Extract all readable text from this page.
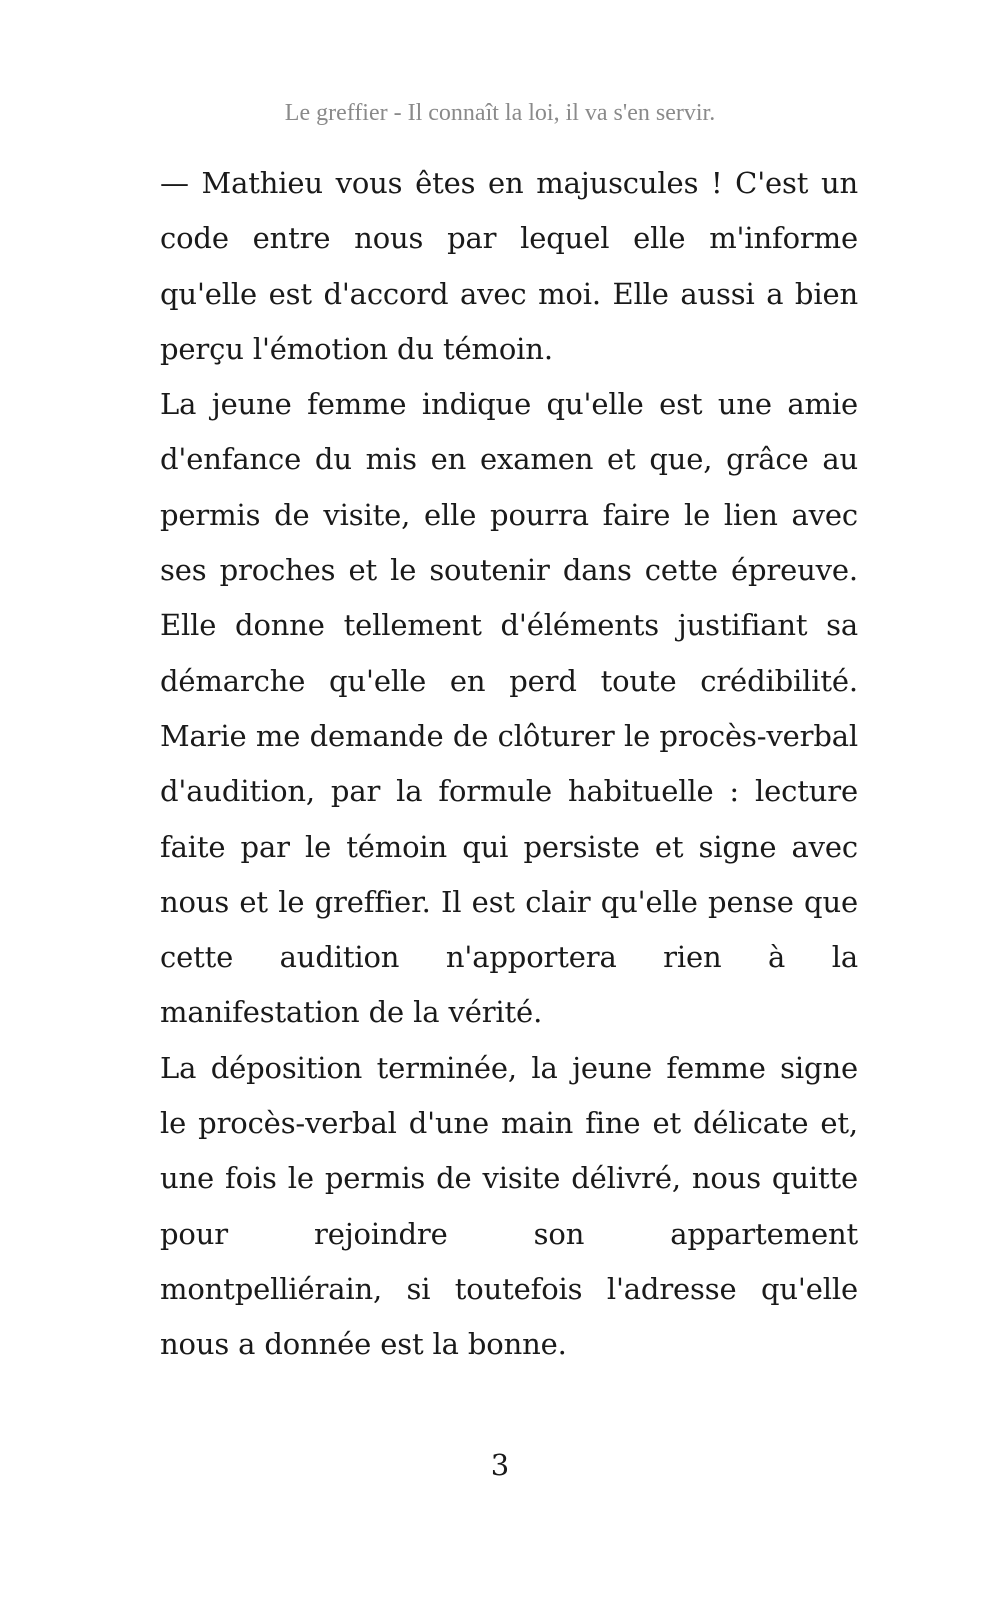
Le greffier - Il connaît la loi, il va s'en servir.

— Mathieu vous êtes en majuscules ! C'est un code entre nous par lequel elle m'informe qu'elle est d'accord avec moi. Elle aussi a bien perçu l'émotion du témoin.

La jeune femme indique qu'elle est une amie d'enfance du mis en examen et que, grâce au permis de visite, elle pourra faire le lien avec ses proches et le soutenir dans cette épreuve. Elle donne tellement d'éléments justifiant sa démarche qu'elle en perd toute crédibilité. Marie me demande de clôturer le procès-verbal d'audition, par la formule habituelle : lecture faite par le témoin qui persiste et signe avec nous et le greffier. Il est clair qu'elle pense que cette audition n'apportera rien à la manifestation de la vérité.

La déposition terminée, la jeune femme signe le procès-verbal d'une main fine et délicate et, une fois le permis de visite délivré, nous quitte pour rejoindre son appartement montpelliérain, si toutefois l'adresse qu'elle nous a donnée est la bonne.

3
